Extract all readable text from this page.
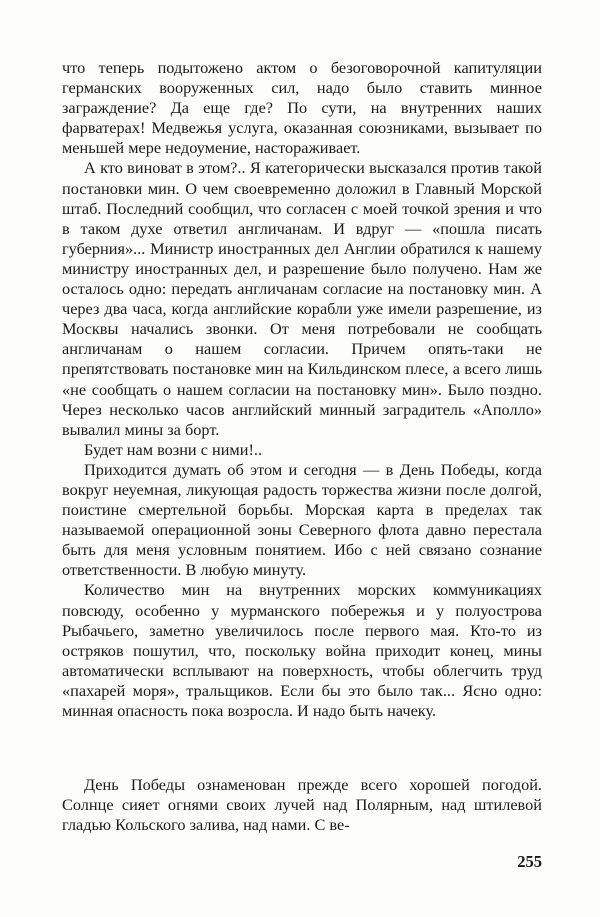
что теперь подытожено актом о безоговорочной капитуляции германских вооруженных сил, надо было ставить минное заграждение? Да еще где? По сути, на внутренних наших фарватерах! Медвежья услуга, оказанная союзниками, вызывает по меньшей мере недоумение, настораживает.

А кто виноват в этом?.. Я категорически высказался против такой постановки мин. О чем своевременно доложил в Главный Морской штаб. Последний сообщил, что согласен с моей точкой зрения и что в таком духе ответил англичанам. И вдруг — «пошла писать губерния»... Министр иностранных дел Англии обратился к нашему министру иностранных дел, и разрешение было получено. Нам же осталось одно: передать англичанам согласие на постановку мин. А через два часа, когда английские корабли уже имели разрешение, из Москвы начались звонки. От меня потребовали не сообщать англичанам о нашем согласии. Причем опять-таки не препятствовать постановке мин на Кильдинском плесе, а всего лишь «не сообщать о нашем согласии на постановку мин». Было поздно. Через несколько часов английский минный заградитель «Аполло» вывалил мины за борт.

Будет нам возни с ними!..

Приходится думать об этом и сегодня — в День Победы, когда вокруг неуемная, ликующая радость торжества жизни после долгой, поистине смертельной борьбы. Морская карта в пределах так называемой операционной зоны Северного флота давно перестала быть для меня условным понятием. Ибо с ней связано сознание ответственности. В любую минуту.

Количество мин на внутренних морских коммуникациях повсюду, особенно у мурманского побережья и у полуострова Рыбачьего, заметно увеличилось после первого мая. Кто-то из остряков пошутил, что, поскольку война приходит конец, мины автоматически всплывают на поверхность, чтобы облегчить труд «пахарей моря», тральщиков. Если бы это было так... Ясно одно: минная опасность пока возросла. И надо быть начеку.

День Победы ознаменован прежде всего хорошей погодой. Солнце сияет огнями своих лучей над Полярным, над штилевой гладью Кольского залива, над нами. С ве-

255
